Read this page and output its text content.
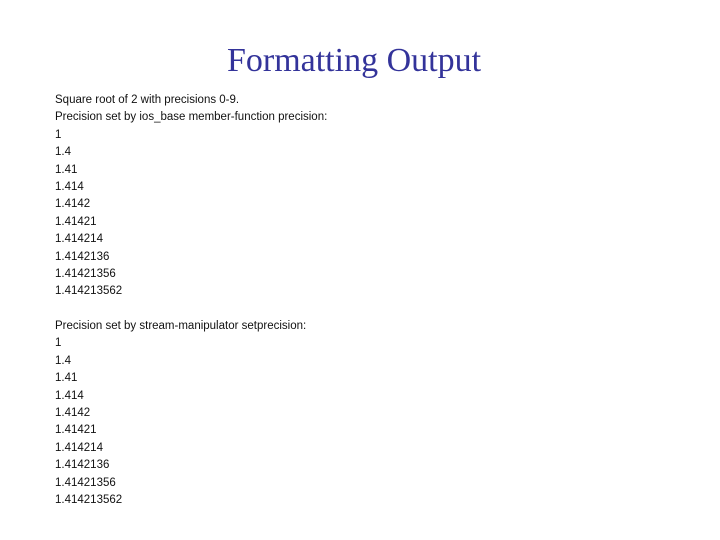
Formatting Output
Square root of 2 with precisions 0-9.
Precision set by ios_base member-function precision:
1
1.4
1.41
1.414
1.4142
1.41421
1.414214
1.4142136
1.41421356
1.414213562
Precision set by stream-manipulator setprecision:
1
1.4
1.41
1.414
1.4142
1.41421
1.414214
1.4142136
1.41421356
1.414213562
